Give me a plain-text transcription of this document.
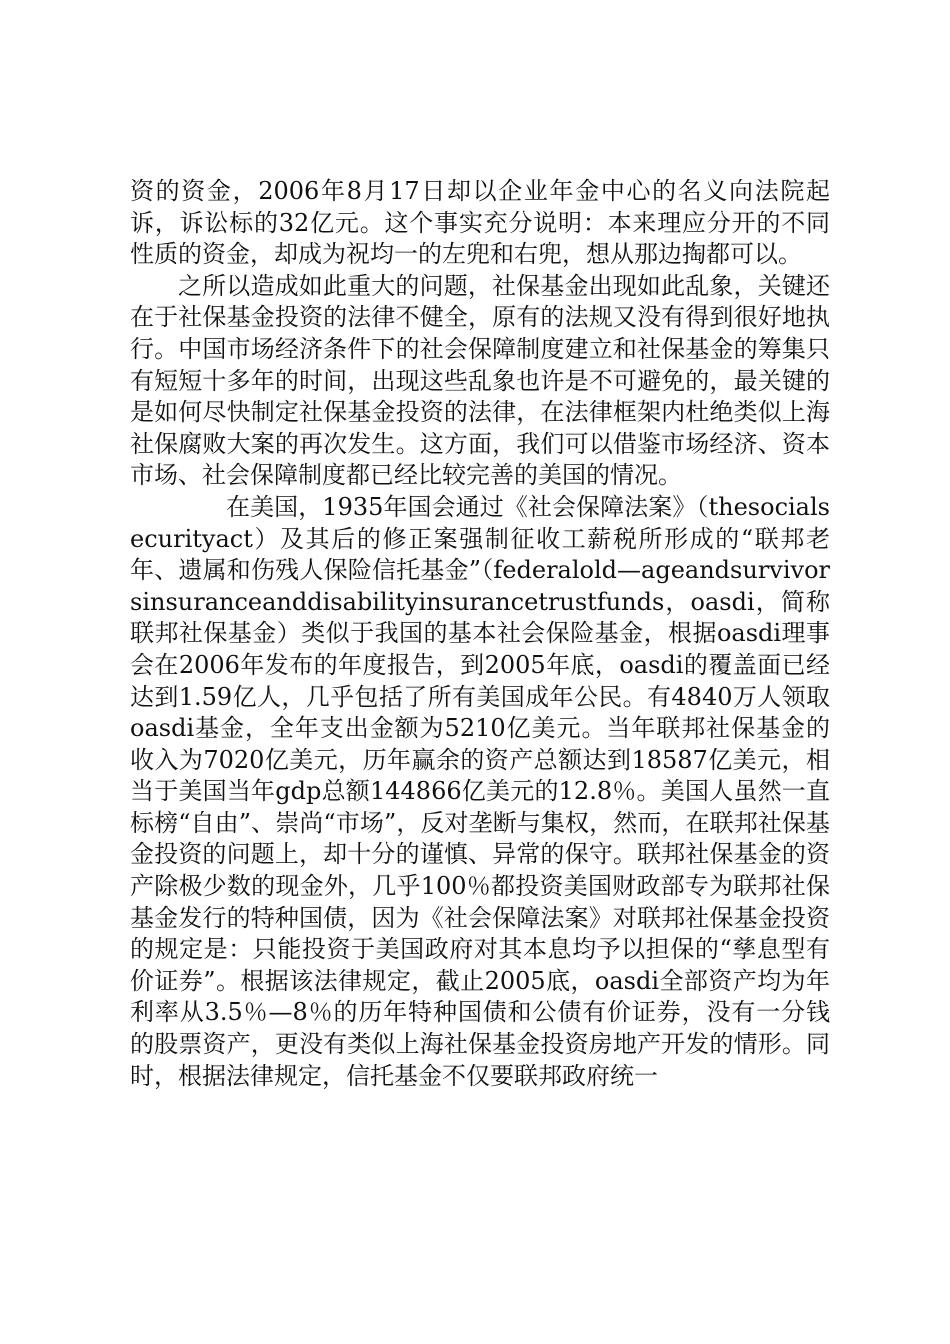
资的资金，2006年8月17日却以企业年金中心的名义向法院起诉，诉讼标的32亿元。这个事实充分说明：本来理应分开的不同性质的资金，却成为祝均一的左兜和右兜，想从那边掏都可以。

之所以造成如此重大的问题，社保基金出现如此乱象，关键还在于社保基金投资的法律不健全，原有的法规又没有得到很好地执行。中国市场经济条件下的社会保障制度建立和社保基金的筹集只有短短十多年的时间，出现这些乱象也许是不可避免的，最关键的是如何尽快制定社保基金投资的法律，在法律框架内杜绝类似上海社保腐败大案的再次发生。这方面，我们可以借鉴市场经济、资本市场、社会保障制度都已经比较完善的美国的情况。

在美国，1935年国会通过《社会保障法案》（thesocialsecurityact）及其后的修正案强制征收工薪税所形成的“联邦老年、遗属和伤残人保险信托基金”（federalold—ageandsurvivorsinsuranceanddisabilityinsurancetrustfunds，oasdi，简称联邦社保基金）类似于我国的基本社会保险基金，根据oasdi理事会在2006年发布的年度报告，到2005年底，oasdi的覆盖面已经达到1.59亿人，几乎包括了所有美国成年公民。有4840万人领取oasdi基金，全年支出金额为5210亿美元。当年联邦社保基金的收入为7020亿美元，历年赢余的资产总额达到18587亿美元，相当于美国当年gdp总额144866亿美元的12.8％。美国人虽然一直标榜“自由”、崇尚“市场”，反对垄断与集权，然而，在联邦社保基金投资的问题上，却十分的谨慎、异常的保守。联邦社保基金的资产除极少数的现金外，几乎100％都投资美国财政部专为联邦社保基金发行的特种国债，因为《社会保障法案》对联邦社保基金投资的规定是：只能投资于美国政府对其本息均予以担保的“孳息型有价证券”。根据该法律规定，截止2005底，oasdi全部资产均为年利率从3.5％—8％的历年特种国债和公债有价证券，没有一分钱的股票资产，更没有类似上海社保基金投资房地产开发的情形。同时，根据法律规定，信托基金不仅要联邦政府统一
